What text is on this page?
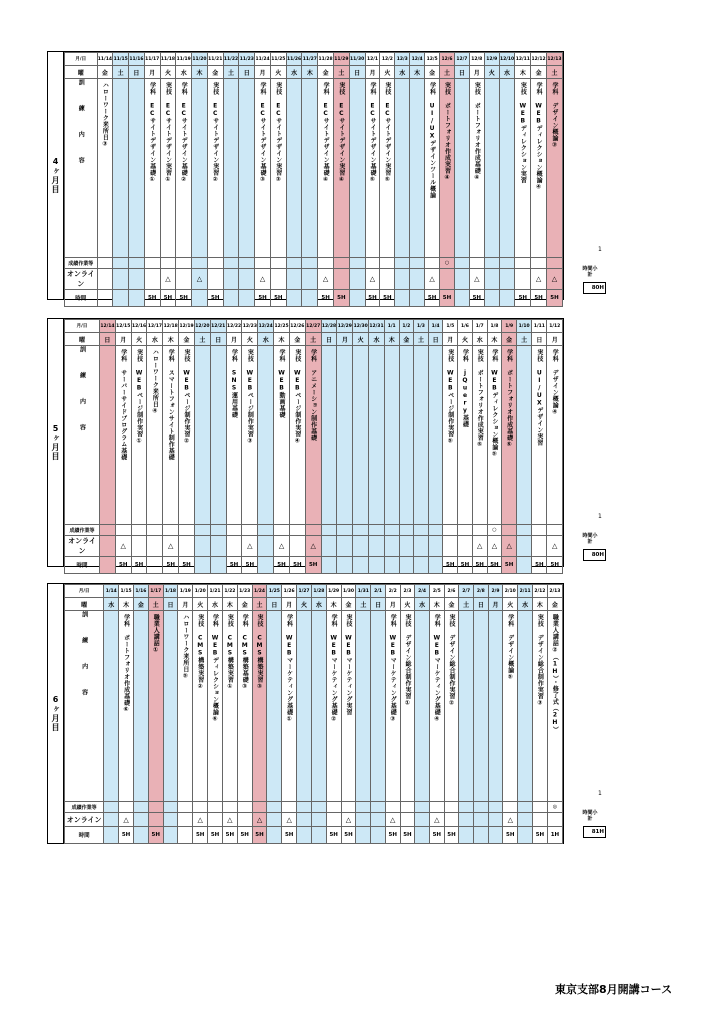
4ヶ月目
月/日	11/14	11/15	11/16	11/17	11/18	11/19	11/20	11/21	11/22	11/23	11/24	11/25	11/26	11/27	11/28	11/29	11/30	12/1	12/2	12/3	12/4	12/5	12/6	12/7	12/8	12/9	12/10	12/11	12/12	12/13
曜	金	土	日	月	火	水	木	金	土	日	月	火	水	木	金	土	日	月	火	水	木	金	土	日	月	火	水	木	金	土

訓練内容	ハローワーク来所日③			学科 ECサイトデザイン基礎①	実技 ECサイトデザイン実習①	学科 ECサイトデザイン基礎②		実技 ECサイトデザイン実習②			学科 ECサイトデザイン基礎③	実技 ECサイトデザイン実習③			学科 ECサイトデザイン基礎④	実技 ECサイトデザイン実習④		学科 ECサイトデザイン基礎⑤	実技 ECサイトデザイン実習⑤			学科 UI/UXデザインツール概論	実技 ポートフォリオ作成実習④		実技 ポートフォリオ作成基礎④			実技 WEBディレクション実習	学科 WEBディレクション概論④	学科 デザイン概論③

成績作業等																							○							
オンライン					△		△				△				△			△				△			△				△	△
時間				5H	5H	5H		5H			5H	5H			5H	5H		5H	5H			5H	5H		5H			5H	5H	5H
時間小計
80H
1
5ヶ月目
月/日	12/14	12/15	12/16	12/17	12/18	12/19	12/20	12/21	12/22	12/23	12/24	12/25	12/26	12/27	12/28	12/29	12/30	12/31	1/1	1/2	1/3	1/4	1/5	1/6	1/7	1/8	1/9	1/10	1/11	1/12
曜	日	月	火	水	木	金	土	日	月	火	水	木	金	土	日	月	火	水	木	金	土	日	月	火	水	木	金	土	日	月

訓練内容		学科 サーバーサイドプログラム基礎	実技 WEBページ制作実習①	ハローワーク来所日④	学科 スマートフォンサイト制作基礎	実技 WEBページ制作実習②			学科 SNS運用基礎	実技 WEBページ制作実習③		学科 WEB動画基礎	実技 WEBページ制作実習④	学科 アニメーション制作基礎									実技 WEBページ制作実習⑤	学科 jQuery基礎	実技 ポートフォリオ作成実習⑤	学科 WEBディレクション概論⑤	学科 ポートフォリオ作成基礎⑤		実技 UI/UXデザイン実習	学科 デザイン概論④

成績作業等																										○				
オンライン		△			△					△		△		△											△	△	△			△
時間		5H	5H		5H	5H			5H	5H		5H	5H	5H									5H	5H	5H	5H	5H		5H	5H
時間小計
80H
1
6ヶ月目
月/日	1/14	1/15	1/16	1/17	1/18	1/19	1/20	1/21	1/22	1/23	1/24	1/25	1/26	1/27	1/28	1/29	1/30	1/31	2/1	2/2	2/3	2/4	2/5	2/6	2/7	2/8	2/9	2/10	2/11	2/12	2/13
曜	水	木	金	土	日	月	火	水	木	金	土	日	月	火	水	木	金	土	日	月	火	水	木	金	土	日	月	火	水	木	金

訓練内容		学科 ポートフォリオ作成基礎⑥		職業人講話①		ハローワーク来所日⑤	実技 CMS構築実習②	学科 WEBディレクション概論⑥	実技 CMS構築実習①	学科 CMS構築基礎③	実技 CMS構築実習③		学科 WEBマーケティング基礎①			学科 WEBマーケティング基礎②	実技 WEBマーケティング実習			学科 WEBマーケティング基礎③	実技 デザイン総合制作実習①		学科 WEBマーケティング基礎④	実技 デザイン総合制作実習②				学科 デザイン概論⑤		実技 デザイン総合制作実習③	職業人講話②（1H）・修了式（2H）

成績作業等																															◎
オンライン		△					△		△		△		△				△			△			△					△			
時間		5H		5H			5H	5H	5H	5H	5H		5H			5H	5H			5H	5H		5H	5H				5H		5H	1H
時間小計
81H
1
東京支部8月開講コース
